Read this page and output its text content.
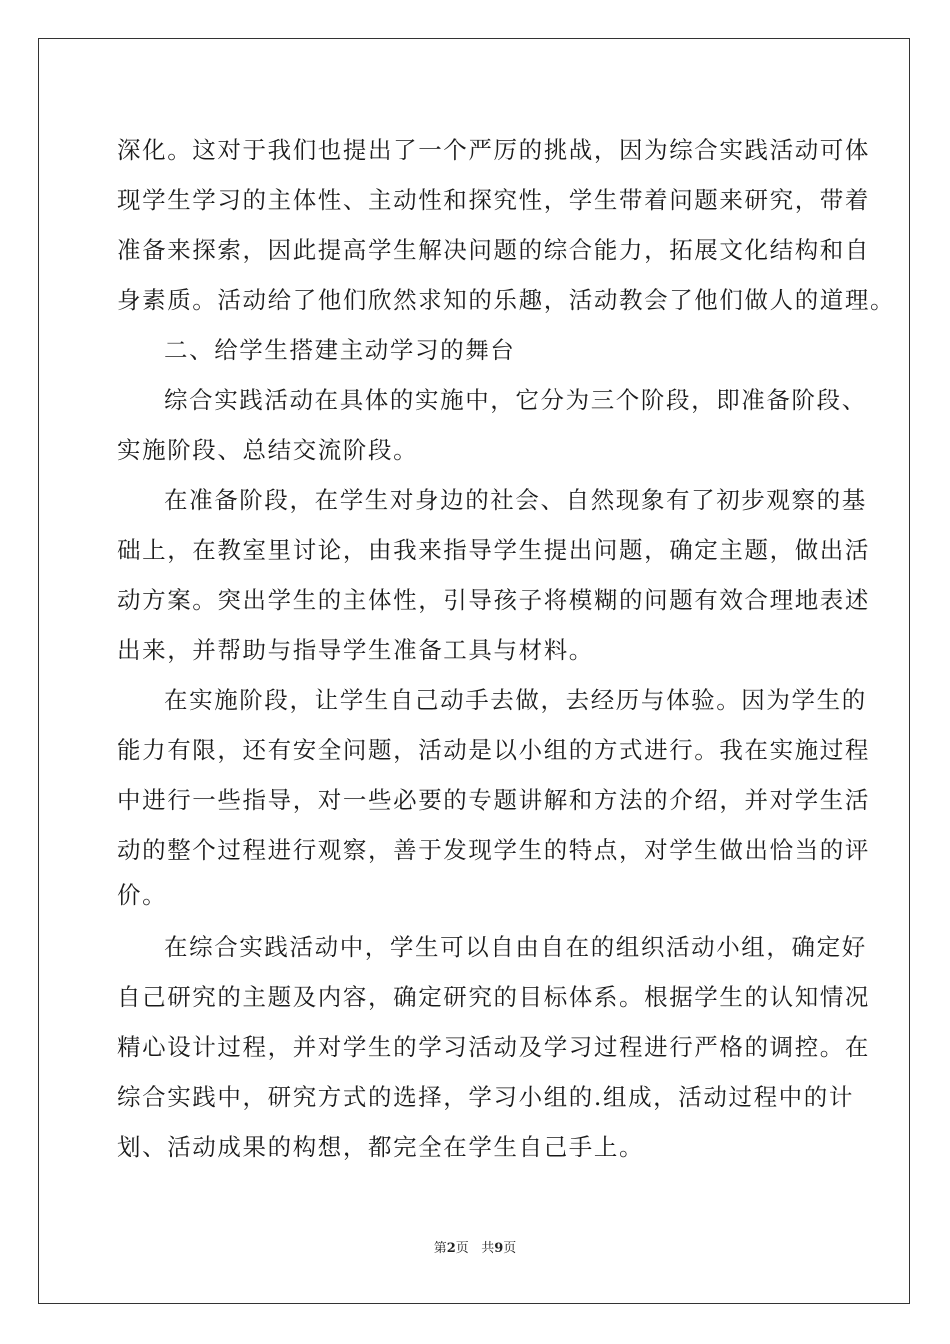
深化。这对于我们也提出了一个严厉的挑战，因为综合实践活动可体
现学生学习的主体性、主动性和探究性，学生带着问题来研究，带着
准备来探索，因此提高学生解决问题的综合能力，拓展文化结构和自
身素质。活动给了他们欣然求知的乐趣，活动教会了他们做人的道理。
二、给学生搭建主动学习的舞台
综合实践活动在具体的实施中，它分为三个阶段，即准备阶段、
实施阶段、总结交流阶段。
在准备阶段，在学生对身边的社会、自然现象有了初步观察的基
础上，在教室里讨论，由我来指导学生提出问题，确定主题，做出活
动方案。突出学生的主体性，引导孩子将模糊的问题有效合理地表述
出来，并帮助与指导学生准备工具与材料。
在实施阶段，让学生自己动手去做，去经历与体验。因为学生的
能力有限，还有安全问题，活动是以小组的方式进行。我在实施过程
中进行一些指导，对一些必要的专题讲解和方法的介绍，并对学生活
动的整个过程进行观察，善于发现学生的特点，对学生做出恰当的评
价。
在综合实践活动中，学生可以自由自在的组织活动小组，确定好
自己研究的主题及内容，确定研究的目标体系。根据学生的认知情况
精心设计过程，并对学生的学习活动及学习过程进行严格的调控。在
综合实践中，研究方式的选择，学习小组的.组成，活动过程中的计
划、活动成果的构想，都完全在学生自己手上。
第2页 共9页
